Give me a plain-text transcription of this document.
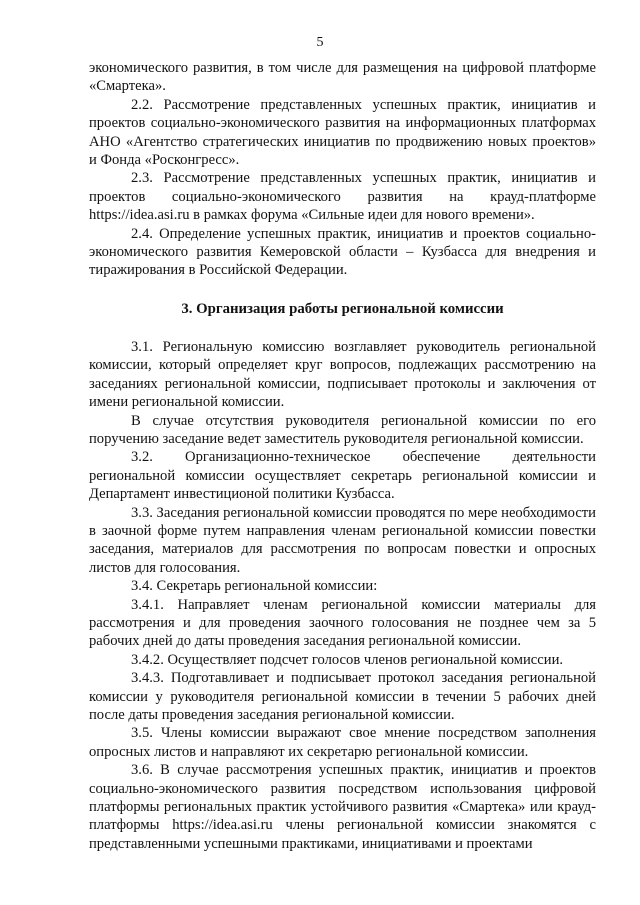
5

экономического развития, в том числе для размещения на цифровой платформе «Смартека».

2.2. Рассмотрение представленных успешных практик, инициатив и проектов социально-экономического развития на информационных платформах АНО «Агентство стратегических инициатив по продвижению новых проектов» и Фонда «Росконгресс».

2.3. Рассмотрение представленных успешных практик, инициатив и проектов социально-экономического развития на крауд-платформе https://idea.asi.ru в рамках форума «Сильные идеи для нового времени».

2.4. Определение успешных практик, инициатив и проектов социально-экономического развития Кемеровской области – Кузбасса для внедрения и тиражирования в Российской Федерации.

3. Организация работы региональной комиссии

3.1. Региональную комиссию возглавляет руководитель региональной комиссии, который определяет круг вопросов, подлежащих рассмотрению на заседаниях региональной комиссии, подписывает протоколы и заключения от имени региональной комиссии.

В случае отсутствия руководителя региональной комиссии по его поручению заседание ведет заместитель руководителя региональной комиссии.

3.2. Организационно-техническое обеспечение деятельности региональной комиссии осуществляет секретарь региональной комиссии и Департамент инвестиционой политики Кузбасса.

3.3. Заседания региональной комиссии проводятся по мере необходимости в заочной форме путем направления членам региональной комиссии повестки заседания, материалов для рассмотрения по вопросам повестки и опросных листов для голосования.

3.4. Секретарь региональной комиссии:

3.4.1. Направляет членам региональной комиссии материалы для рассмотрения и для проведения заочного голосования не позднее чем за 5 рабочих дней до даты проведения заседания региональной комиссии.

3.4.2. Осуществляет подсчет голосов членов региональной комиссии.

3.4.3. Подготавливает и подписывает протокол заседания региональной комиссии у руководителя региональной комиссии в течении 5 рабочих дней после даты проведения заседания региональной комиссии.

3.5. Члены комиссии выражают свое мнение посредством заполнения опросных листов и направляют их секретарю региональной комиссии.

3.6. В случае рассмотрения успешных практик, инициатив и проектов социально-экономического развития посредством использования цифровой платформы региональных практик устойчивого развития «Смартека» или крауд-платформы https://idea.asi.ru члены региональной комиссии знакомятся с представленными успешными практиками, инициативами и проектами
